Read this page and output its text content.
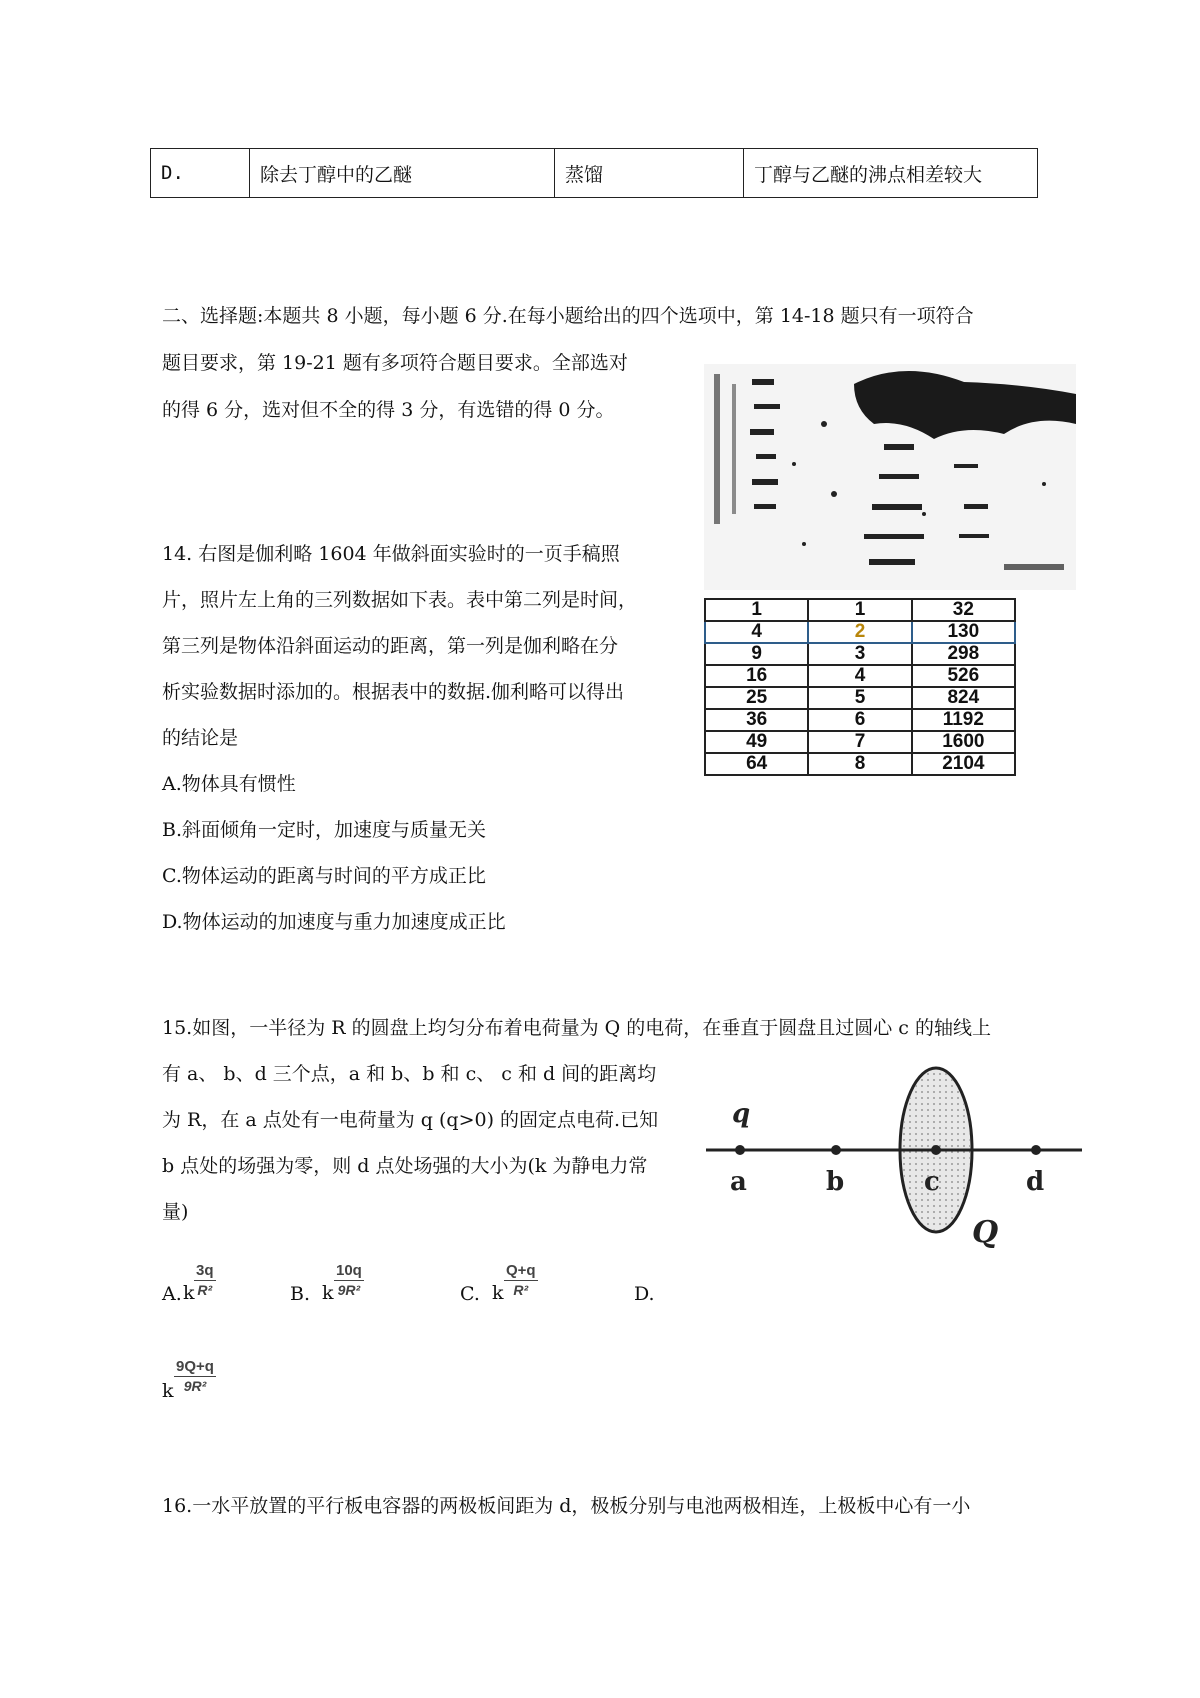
D.	除去丁醇中的乙醚	蒸馏	丁醇与乙醚的沸点相差较大
二、选择题:本题共 8 小题，每小题 6 分.在每小题给出的四个选项中，第 14-18 题只有一项符合
题目要求，第 19-21 题有多项符合题目要求。全部选对
的得 6 分，选对但不全的得 3 分，有选错的得 0 分。
14. 右图是伽利略 1604 年做斜面实验时的一页手稿照
片，照片左上角的三列数据如下表。表中第二列是时间，
第三列是物体沿斜面运动的距离，第一列是伽利略在分
析实验数据时添加的。根据表中的数据.伽利略可以得出
的结论是
A.物体具有惯性
B.斜面倾角一定时，加速度与质量无关
C.物体运动的距离与时间的平方成正比
D.物体运动的加速度与重力加速度成正比
1	1	32
4	2	130
9	3	298
16	4	526
25	5	824
36	6	1192
49	7	1600
64	8	2104
15.如图，一半径为 R 的圆盘上均匀分布着电荷量为 Q 的电荷，在垂直于圆盘且过圆心 c 的轴线上
有 a、 b、d 三个点，a 和 b、b 和 c、 c 和 d 间的距离均
为 R，在 a 点处有一电荷量为 q (q>0) 的固定点电荷.已知
b 点处的场强为零，则 d 点处场强的大小为(k 为静电力常
量)
q
a	b	c	d
Q
A. k $\frac{3q}{\text{R²}}$	B. k $\frac{10q}{\text{9R²}}$	C. k $\frac{Q+q}{\text{R²}}$	D.
k $\frac{9Q+q}{\text{9R²}}$
16.一水平放置的平行板电容器的两极板间距为 d，极板分别与电池两极相连，上极板中心有一小
